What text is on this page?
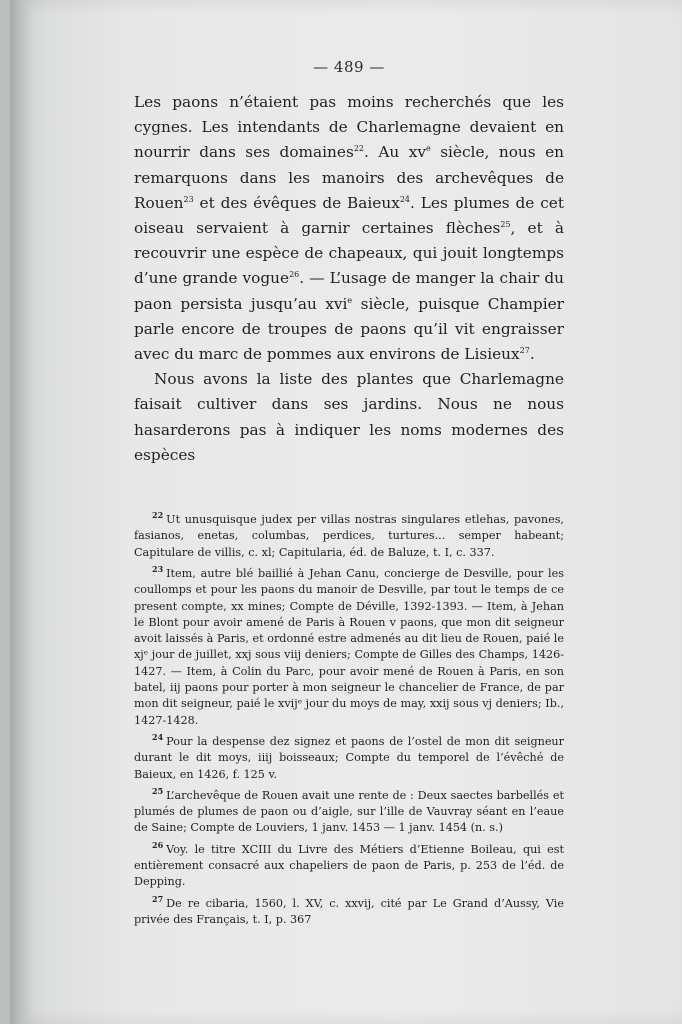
— 489 —

Les paons n’étaient pas moins recherchés que les cygnes. Les intendants de Charlemagne devaient en nourrir dans ses domaines$^{22}$. Au $xv^e$ siècle, nous en remarquons dans les manoirs des archevêques de Rouen$^{23}$ et des évêques de Baieux$^{24}$. Les plumes de cet oiseau servaient à garnir certaines flèches$^{25}$, et à recouvrir une espèce de chapeaux, qui jouit longtemps d’une grande vogue$^{26}$. — L’usage de manger la chair du paon persista jusqu’au xvi$^e$ siècle, puisque Champier parle encore de troupes de paons qu’il vit engraisser avec du marc de pommes aux environs de Lisieux$^{27}$.

Nous avons la liste des plantes que Charlemagne faisait cultiver dans ses jardins. Nous ne nous hasarderons pas à indiquer les noms modernes des espèces

$^{22}$ Ut unusquisque judex per villas nostras singulares etlehas, pavones, fasianos, enetas, columbas, perdices, turtures... semper habeant; Capitulare de villis, c. xl; Capitularia, éd. de Baluze, t. I, c. 337.

$^{23}$ Item, autre blé baillié à Jehan Canu, concierge de Desville, pour les coullomps et pour les paons du manoir de Desville, par tout le temps de ce present compte, xx mines; Compte de Déville, 1392-1393. — Item, à Jehan le Blont pour avoir amené de Paris à Rouen v paons, que mon dit seigneur avoit laissés à Paris, et ordonné estre admenés au dit lieu de Rouen, paié le xjᵉ jour de juillet, xxj sous viij deniers; Compte de Gilles des Champs, 1426-1427. — Item, à Colin du Parc, pour avoir mené de Rouen à Paris, en son batel, iij paons pour porter à mon seigneur le chancelier de France, de par mon dit seigneur, paié le xvijᵉ jour du moys de may, xxij sous vj deniers; Ib., 1427-1428.

$^{24}$ Pour la despense dez signez et paons de l’ostel de mon dit seigneur durant le dit moys, iiij boisseaux; Compte du temporel de l’évêché de Baieux, en 1426, f. 125 v.

$^{25}$ L’archevêque de Rouen avait une rente de : Deux saectes barbellés et plumés de plumes de paon ou d’aigle, sur l’ille de Vauvray séant en l’eaue de Saine; Compte de Louviers, 1 janv. 1453 — 1 janv. 1454 (n. s.)

$^{26}$ Voy. le titre XCIII du Livre des Métiers d’Etienne Boileau, qui est entièrement consacré aux chapeliers de paon de Paris, p. 253 de l’éd. de Depping.

$^{27}$ De re cibaria, 1560, l. XV, c. xxvij, cité par Le Grand d’Aussy, Vie privée des Français, t. I, p. 367
